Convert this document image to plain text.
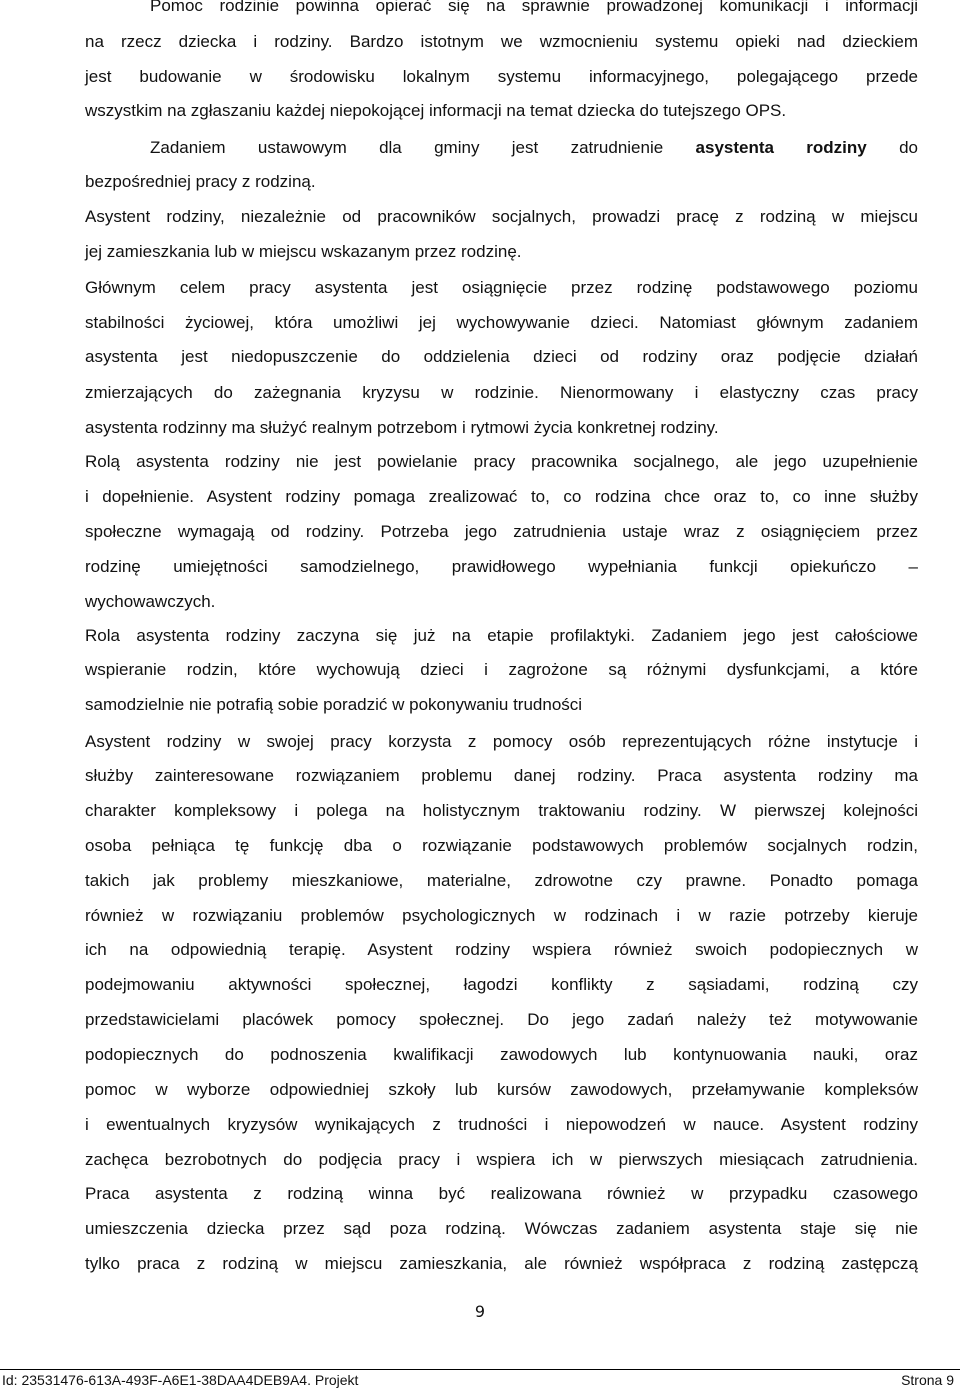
Pomoc rodzinie powinna opierać się na sprawnie prowadzonej komunikacji i informacji
na rzecz dziecka i rodziny. Bardzo istotnym we wzmocnieniu systemu opieki nad dzieckiem
jest budowanie w środowisku lokalnym systemu informacyjnego, polegającego przede
wszystkim na zgłaszaniu każdej niepokojącej informacji na temat dziecka do tutejszego OPS.
Zadaniem ustawowym dla gminy jest zatrudnienie asystenta rodziny do
bezpośredniej pracy z rodziną.
Asystent rodziny, niezależnie od pracowników socjalnych, prowadzi pracę z rodziną w miejscu
jej zamieszkania lub w miejscu wskazanym przez rodzinę.
Głównym celem pracy asystenta jest osiągnięcie przez rodzinę podstawowego poziomu
stabilności życiowej, która umożliwi jej wychowywanie dzieci. Natomiast głównym zadaniem
asystenta jest niedopuszczenie do oddzielenia dzieci od rodziny oraz podjęcie działań
zmierzających do zażegnania kryzysu w rodzinie. Nienormowany i elastyczny czas pracy
asystenta rodzinny ma służyć realnym potrzebom i rytmowi życia konkretnej rodziny.
Rolą asystenta rodziny nie jest powielanie pracy pracownika socjalnego, ale jego uzupełnienie
i dopełnienie. Asystent rodziny pomaga zrealizować to, co rodzina chce oraz to, co inne służby
społeczne wymagają od rodziny. Potrzeba jego zatrudnienia ustaje wraz z osiągnięciem przez
rodzinę umiejętności samodzielnego, prawidłowego wypełniania funkcji opiekuńczo –
wychowawczych.
Rola asystenta rodziny zaczyna się już na etapie profilaktyki. Zadaniem jego jest całościowe
wspieranie rodzin, które wychowują dzieci i zagrożone są różnymi dysfunkcjami, a które
samodzielnie nie potrafią sobie poradzić w pokonywaniu trudności
Asystent rodziny w swojej pracy korzysta z pomocy osób reprezentujących różne instytucje i
służby zainteresowane rozwiązaniem problemu danej rodziny. Praca asystenta rodziny ma
charakter kompleksowy i polega na holistycznym traktowaniu rodziny. W pierwszej kolejności
osoba pełniąca tę funkcję dba o rozwiązanie podstawowych problemów socjalnych rodzin,
takich jak problemy mieszkaniowe, materialne, zdrowotne czy prawne. Ponadto pomaga
również w rozwiązaniu problemów psychologicznych w rodzinach i w razie potrzeby kieruje
ich na odpowiednią terapię. Asystent rodziny wspiera również swoich podopiecznych w
podejmowaniu aktywności społecznej, łagodzi konflikty z sąsiadami, rodziną czy
przedstawicielami placówek pomocy społecznej. Do jego zadań należy też motywowanie
podopiecznych do podnoszenia kwalifikacji zawodowych lub kontynuowania nauki, oraz
pomoc w wyborze odpowiedniej szkoły lub kursów zawodowych, przełamywanie kompleksów
i ewentualnych kryzysów wynikających z trudności i niepowodzeń w nauce. Asystent rodziny
zachęca bezrobotnych do podjęcia pracy i wspiera ich w pierwszych miesiącach zatrudnienia.
Praca asystenta z rodziną winna być realizowana również w przypadku czasowego
umieszczenia dziecka przez sąd poza rodziną. Wówczas zadaniem asystenta staje się nie
tylko praca z rodziną w miejscu zamieszkania, ale również współpraca z rodziną zastępczą
9
Id: 23531476-613A-493F-A6E1-38DAA4DEB9A4. Projekt	Strona 9
